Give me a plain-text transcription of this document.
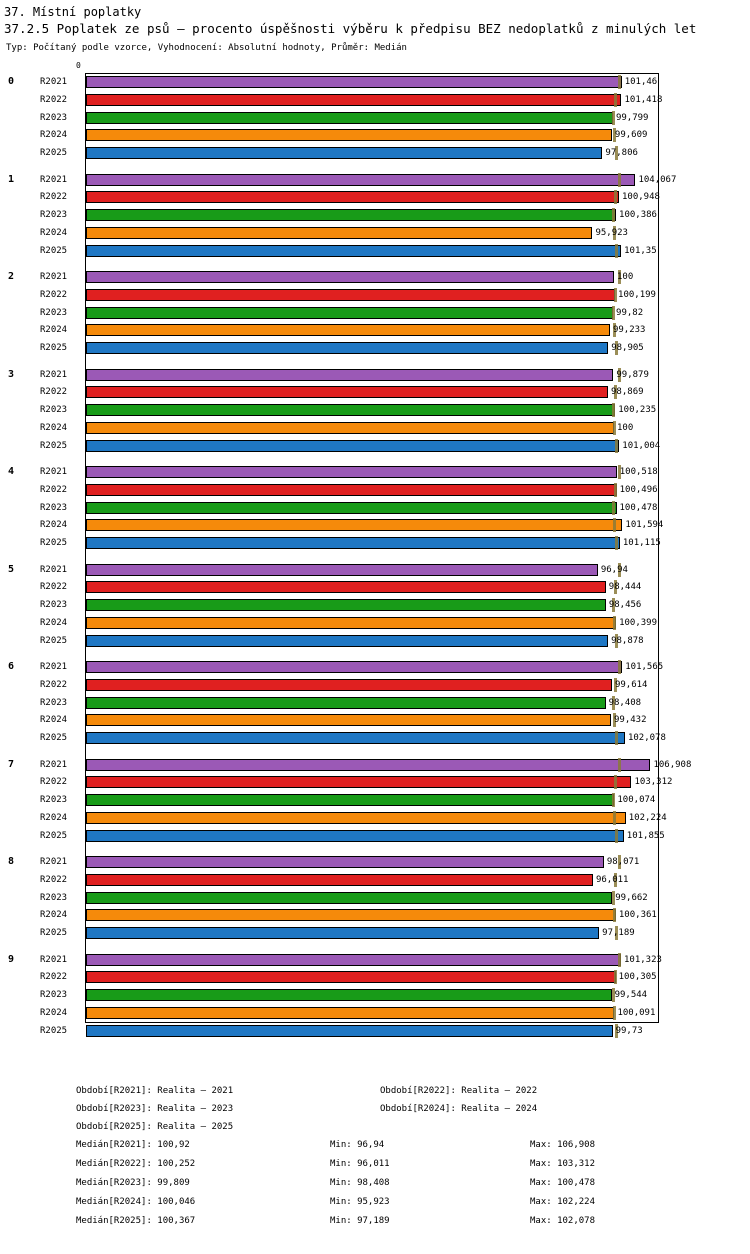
37. Místní poplatky
37.2.5 Poplatek ze psů – procento úspěšnosti výběru k předpisu BEZ nedoplatků z minulých let
Typ: Počítaný podle vzorce, Vyhodnocení: Absolutní hodnoty, Průměr: Medián
0
0	R2021	101,46
R2022	101,418
R2023	99,799
R2024	99,609
R2025	97,806
1	R2021	104,067
R2022	100,948
R2023	100,386
R2024	95,923
R2025	101,35
2	R2021	100
R2022	100,199
R2023	99,82
R2024	99,233
R2025	98,905
3	R2021	99,879
R2022	98,869
R2023	100,235
R2024	100
R2025	101,004
4	R2021	100,518
R2022	100,496
R2023	100,478
R2024	101,594
R2025	101,115
5	R2021	96,94
R2022	98,444
R2023	98,456
R2024	100,399
R2025	98,878
6	R2021	101,565
R2022	99,614
R2023	98,408
R2024	99,432
R2025	102,078
7	R2021	106,908
R2022	103,312
R2023	100,074
R2024	102,224
R2025	101,855
8	R2021	98,071
R2022	96,011
R2023	99,662
R2024	100,361
R2025	97,189
9	R2021	101,323
R2022	100,305
R2023	99,544
R2024	100,091
R2025	99,73
Období[R2021]: Realita – 2021	Období[R2022]: Realita – 2022
Období[R2023]: Realita – 2023	Období[R2024]: Realita – 2024
Období[R2025]: Realita – 2025
Medián[R2021]: 100,92	Min: 96,94	Max: 106,908
Medián[R2022]: 100,252	Min: 96,011	Max: 103,312
Medián[R2023]: 99,809	Min: 98,408	Max: 100,478
Medián[R2024]: 100,046	Min: 95,923	Max: 102,224
Medián[R2025]: 100,367	Min: 97,189	Max: 102,078
